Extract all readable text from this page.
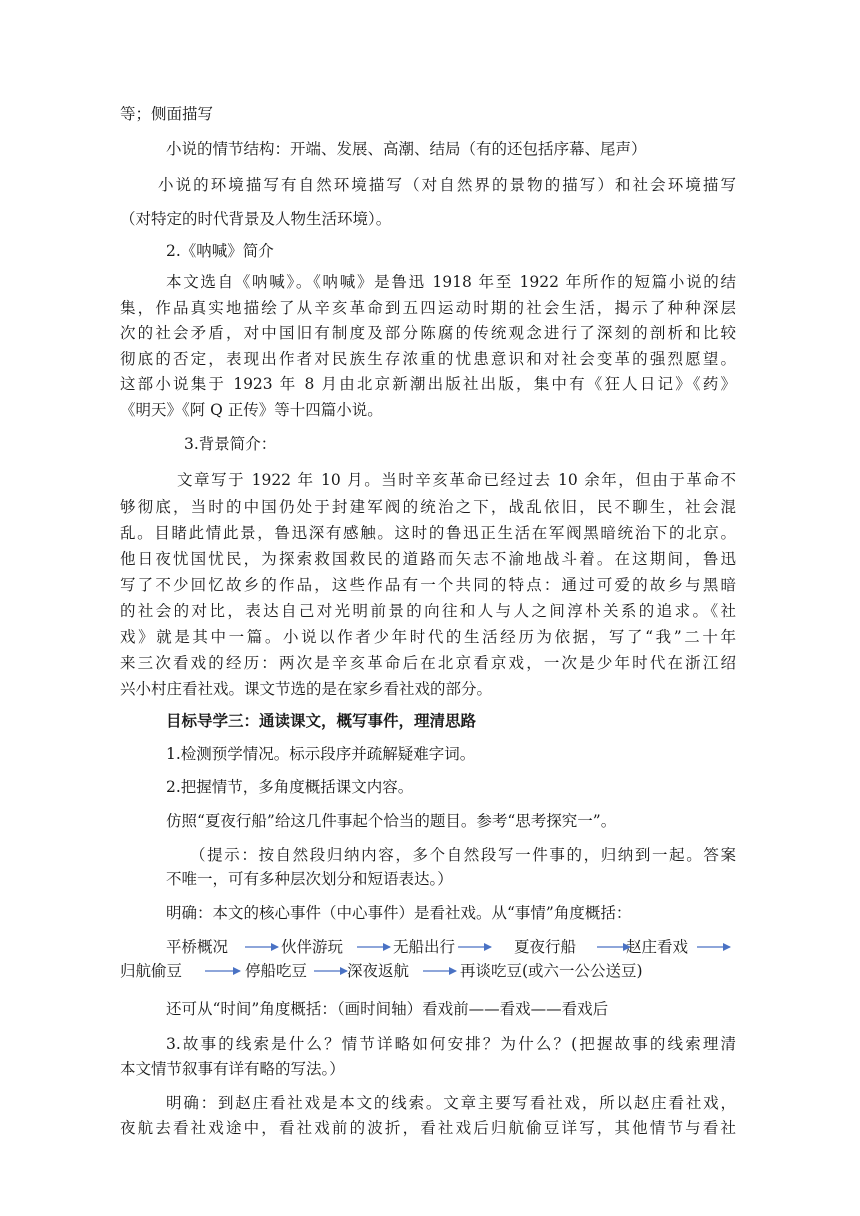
等；侧面描写
小说的情节结构：开端、发展、高潮、结局（有的还包括序幕、尾声）
小说的环境描写有自然环境描写（对自然界的景物的描写）和社会环境描写
（对特定的时代背景及人物生活环境）。
2.《呐喊》简介
本文选自《呐喊》。《呐喊》是鲁迅 1918 年至 1922 年所作的短篇小说的结
集，作品真实地描绘了从辛亥革命到五四运动时期的社会生活，揭示了种种深层
次的社会矛盾，对中国旧有制度及部分陈腐的传统观念进行了深刻的剖析和比较
彻底的否定，表现出作者对民族生存浓重的忧患意识和对社会变革的强烈愿望。
这部小说集于 1923 年 8 月由北京新潮出版社出版，集中有《狂人日记》《药》
《明天》《阿 Q 正传》等十四篇小说。
3.背景简介：
文章写于 1922 年 10 月。当时辛亥革命已经过去 10 余年，但由于革命不
够彻底，当时的中国仍处于封建军阀的统治之下，战乱依旧，民不聊生，社会混
乱。目睹此情此景，鲁迅深有感触。这时的鲁迅正生活在军阀黑暗统治下的北京。
他日夜忧国忧民，为探索救国救民的道路而矢志不渝地战斗着。在这期间，鲁迅
写了不少回忆故乡的作品，这些作品有一个共同的特点：通过可爱的故乡与黑暗
的社会的对比，表达自己对光明前景的向往和人与人之间淳朴关系的追求。《社
戏》就是其中一篇。小说以作者少年时代的生活经历为依据，写了“我”二十年
来三次看戏的经历：两次是辛亥革命后在北京看京戏，一次是少年时代在浙江绍
兴小村庄看社戏。课文节选的是在家乡看社戏的部分。
目标导学三：通读课文，概写事件，理清思路
1.检测预学情况。标示段序并疏解疑难字词。
2.把握情节，多角度概括课文内容。
仿照“夏夜行船”给这几件事起个恰当的题目。参考“思考探究一”。
（提示：按自然段归纳内容，多个自然段写一件事的，归纳到一起。答案
不唯一，可有多种层次划分和短语表达。）
明确：本文的核心事件（中心事件）是看社戏。从“事情”角度概括：
平桥概况	伙伴游玩	无船出行	夏夜行船	赵庄看戏
归航偷豆	停船吃豆	深夜返航	再谈吃豆(或六一公公送豆)
还可从“时间”角度概括：（画时间轴）看戏前——看戏——看戏后
3.故事的线索是什么？情节详略如何安排？为什么？(把握故事的线索理清
本文情节叙事有详有略的写法。）
明确：到赵庄看社戏是本文的线索。文章主要写看社戏，所以赵庄看社戏，
夜航去看社戏途中，看社戏前的波折，看社戏后归航偷豆详写，其他情节与看社
